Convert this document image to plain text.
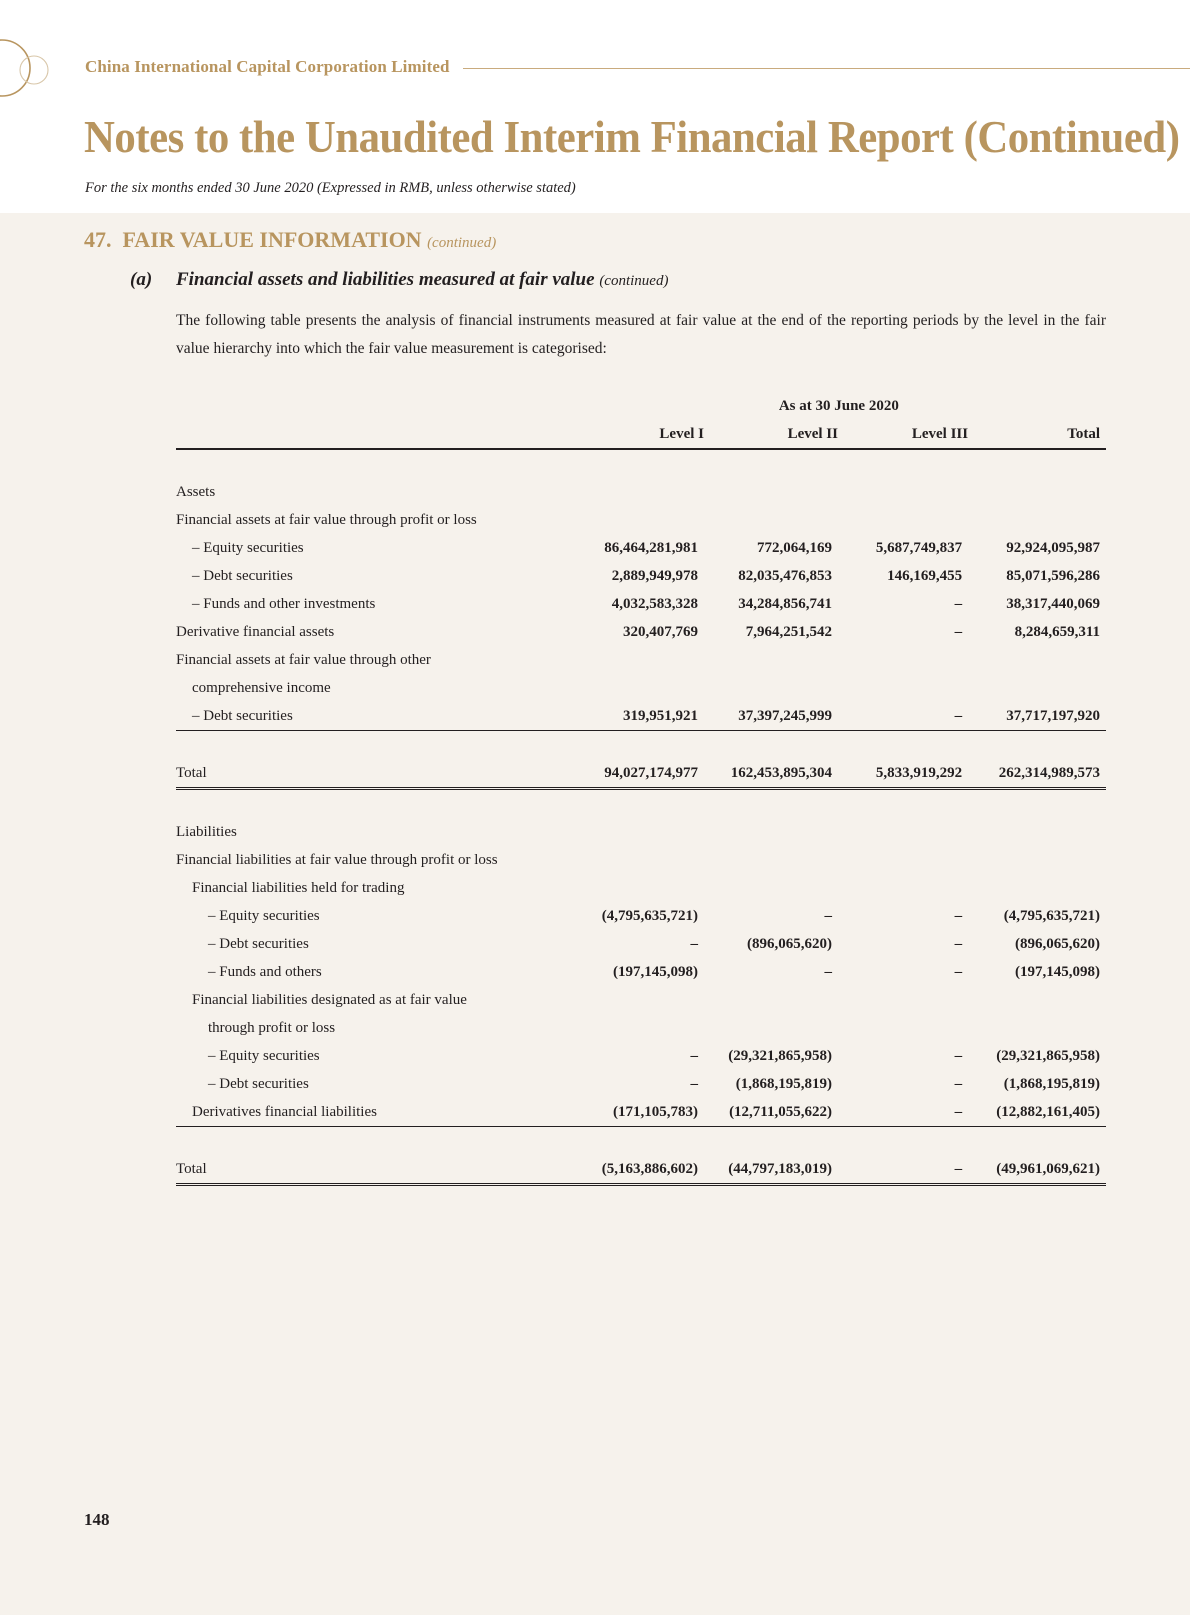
China International Capital Corporation Limited
Notes to the Unaudited Interim Financial Report (Continued)
For the six months ended 30 June 2020 (Expressed in RMB, unless otherwise stated)
47. FAIR VALUE INFORMATION (continued)
(a) Financial assets and liabilities measured at fair value (continued)
The following table presents the analysis of financial instruments measured at fair value at the end of the reporting periods by the level in the fair value hierarchy into which the fair value measurement is categorised:
	As at 30 June 2020			
	Level I	Level II	Level III	Total

Assets				
Financial assets at fair value through profit or loss				
– Equity securities	86,464,281,981	772,064,169	5,687,749,837	92,924,095,987
– Debt securities	2,889,949,978	82,035,476,853	146,169,455	85,071,596,286
– Funds and other investments	4,032,583,328	34,284,856,741	–	38,317,440,069
Derivative financial assets	320,407,769	7,964,251,542	–	8,284,659,311
Financial assets at fair value through other				
comprehensive income				
– Debt securities	319,951,921	37,397,245,999	–	37,717,197,920

Total	94,027,174,977	162,453,895,304	5,833,919,292	262,314,989,573

Liabilities				
Financial liabilities at fair value through profit or loss				
Financial liabilities held for trading				
– Equity securities	(4,795,635,721)	–	–	(4,795,635,721)
– Debt securities	–	(896,065,620)	–	(896,065,620)
– Funds and others	(197,145,098)	–	–	(197,145,098)
Financial liabilities designated as at fair value				
through profit or loss				
– Equity securities	–	(29,321,865,958)	–	(29,321,865,958)
– Debt securities	–	(1,868,195,819)	–	(1,868,195,819)
Derivatives financial liabilities	(171,105,783)	(12,711,055,622)	–	(12,882,161,405)

Total	(5,163,886,602)	(44,797,183,019)	–	(49,961,069,621)
148
